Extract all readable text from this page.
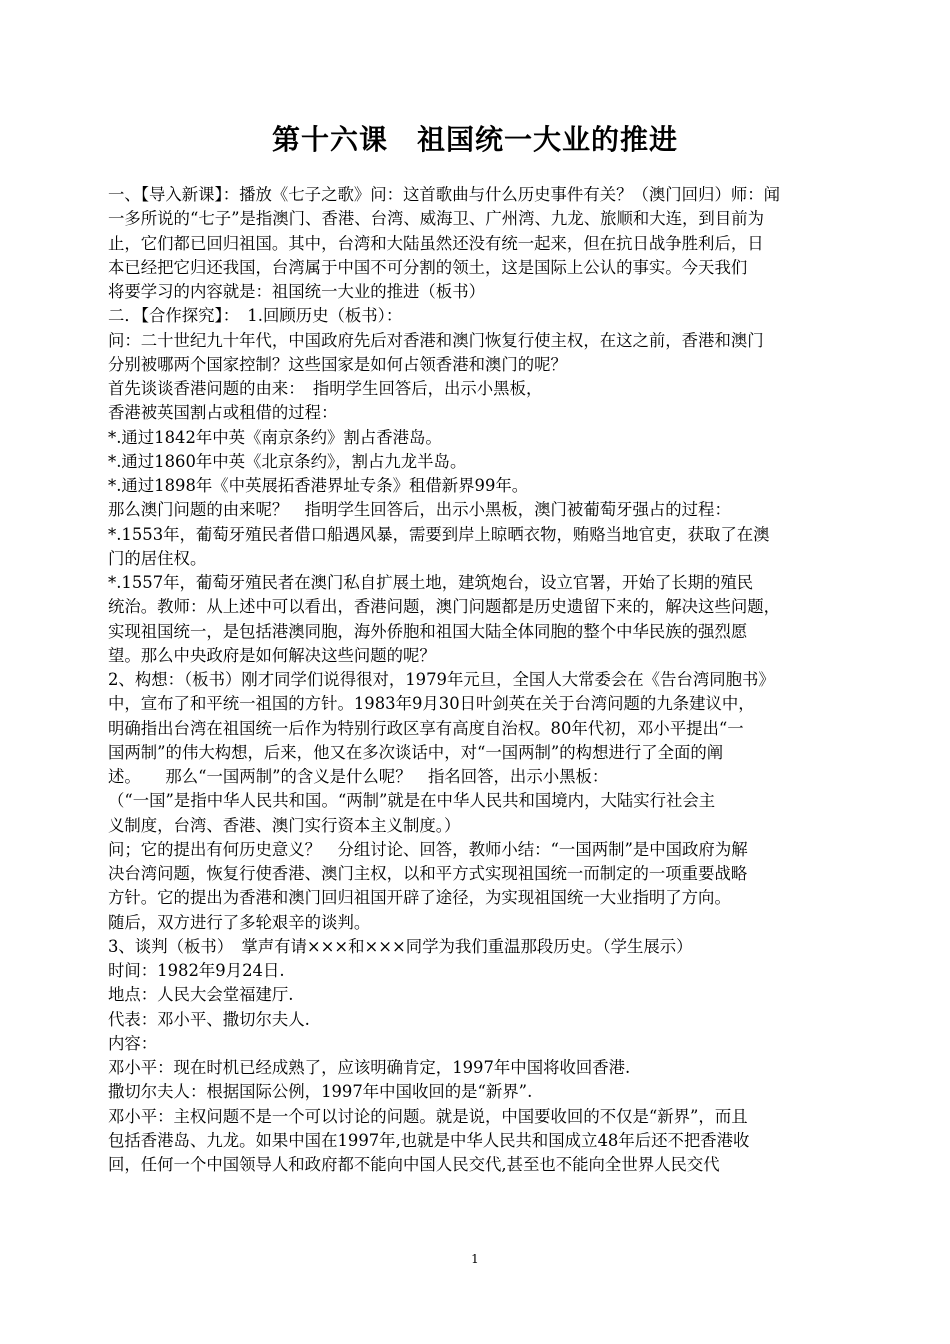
第十六课　祖国统一大业的推进
一、【导入新课】：播放《七子之歌》问：这首歌曲与什么历史事件有关？（澳门回归）师：闻
一多所说的“七子”是指澳门、香港、台湾、威海卫、广州湾、九龙、旅顺和大连，到目前为
止，它们都已回归祖国。其中，台湾和大陆虽然还没有统一起来，但在抗日战争胜利后，日
本已经把它归还我国，台湾属于中国不可分割的领土，这是国际上公认的事实。今天我们
将要学习的内容就是：祖国统一大业的推进（板书）
二．【合作探究】：　1.回顾历史（板书）：
问：二十世纪九十年代，中国政府先后对香港和澳门恢复行使主权，在这之前，香港和澳门
分别被哪两个国家控制？这些国家是如何占领香港和澳门的呢？
首先谈谈香港问题的由来：　指明学生回答后，出示小黑板，
香港被英国割占或租借的过程：
*.通过1842年中英《南京条约》割占香港岛。
*.通过1860年中英《北京条约》，割占九龙半岛。
*.通过1898年《中英展拓香港界址专条》租借新界99年。
那么澳门问题的由来呢？　指明学生回答后，出示小黑板，澳门被葡萄牙强占的过程：
*.1553年，葡萄牙殖民者借口船遇风暴，需要到岸上晾晒衣物，贿赂当地官吏，获取了在澳
门的居住权。
*.1557年，葡萄牙殖民者在澳门私自扩展土地，建筑炮台，设立官署，开始了长期的殖民
统治。教师：从上述中可以看出，香港问题，澳门问题都是历史遗留下来的，解决这些问题，
实现祖国统一，是包括港澳同胞，海外侨胞和祖国大陆全体同胞的整个中华民族的强烈愿
望。那么中央政府是如何解决这些问题的呢？
2、构想：（板书）刚才同学们说得很对，1979年元旦，全国人大常委会在《告台湾同胞书》
中，宣布了和平统一祖国的方针。1983年9月30日叶剑英在关于台湾问题的九条建议中，
明确指出台湾在祖国统一后作为特别行政区享有高度自治权。80年代初，邓小平提出“一
国两制”的伟大构想，后来，他又在多次谈话中，对“一国两制”的构想进行了全面的阐
述。　　那么“一国两制”的含义是什么呢？　指名回答，出示小黑板：
（“一国”是指中华人民共和国。“两制”就是在中华人民共和国境内，大陆实行社会主
义制度，台湾、香港、澳门实行资本主义制度。）
问；它的提出有何历史意义？　分组讨论、回答，教师小结：“一国两制”是中国政府为解
决台湾问题，恢复行使香港、澳门主权，以和平方式实现祖国统一而制定的一项重要战略
方针。它的提出为香港和澳门回归祖国开辟了途径，为实现祖国统一大业指明了方向。
随后，双方进行了多轮艰辛的谈判。
3、谈判（板书）　掌声有请×××和×××同学为我们重温那段历史。（学生展示）
时间：1982年9月24日.
地点：人民大会堂福建厅.
代表：邓小平、撒切尔夫人.
内容：
邓小平：现在时机已经成熟了，应该明确肯定，1997年中国将收回香港.
撒切尔夫人：根据国际公例，1997年中国收回的是“新界”.
邓小平：主权问题不是一个可以讨论的问题。就是说，中国要收回的不仅是“新界”，而且
包括香港岛、九龙。如果中国在1997年,也就是中华人民共和国成立48年后还不把香港收
回，任何一个中国领导人和政府都不能向中国人民交代,甚至也不能向全世界人民交代
1
